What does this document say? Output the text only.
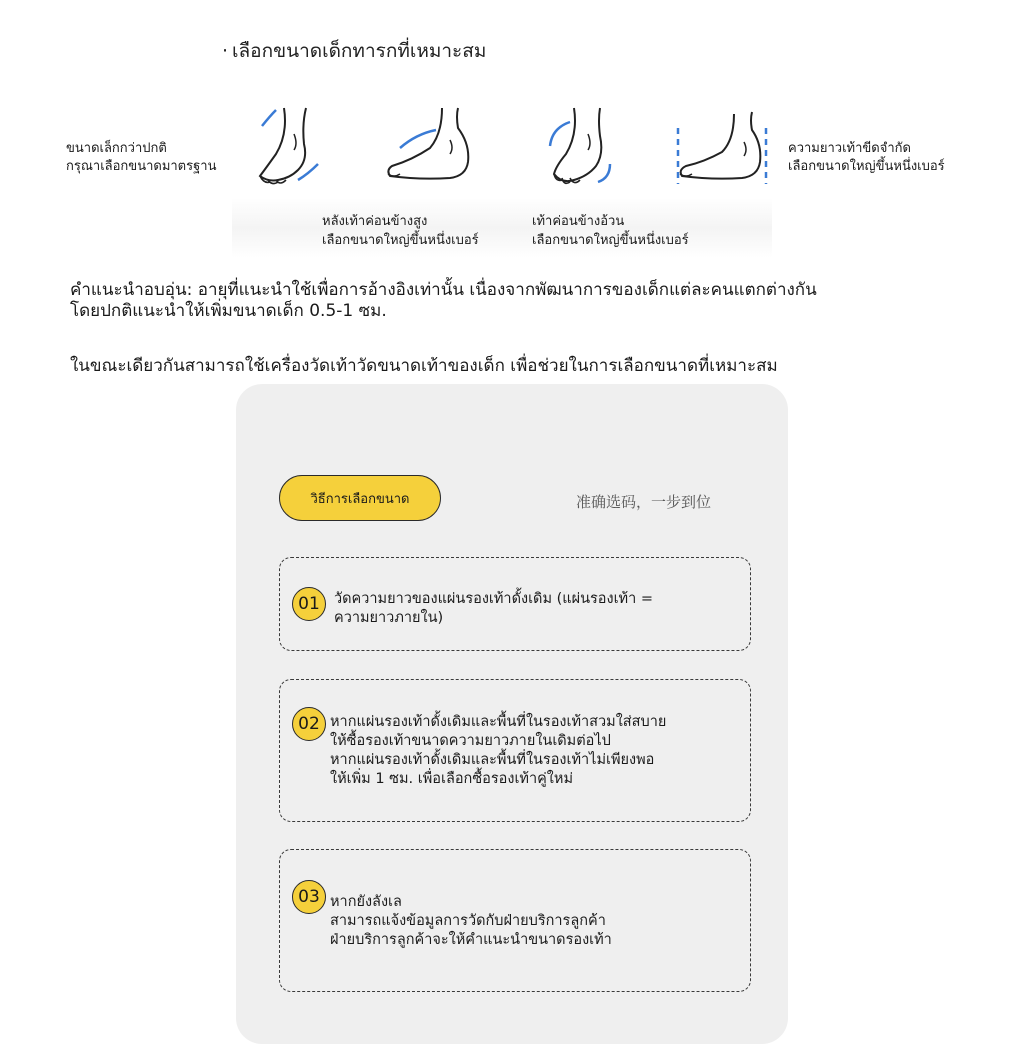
· เลือกขนาดเด็กทารกที่เหมาะสม
ขนาดเล็กกว่าปกติ
กรุณาเลือกขนาดมาตรฐาน
ความยาวเท้าขีดจำกัด
เลือกขนาดใหญ่ขึ้นหนึ่งเบอร์
หลังเท้าค่อนข้างสูง
เลือกขนาดใหญ่ขึ้นหนึ่งเบอร์
เท้าค่อนข้างอ้วน
เลือกขนาดใหญ่ขึ้นหนึ่งเบอร์
คำแนะนำอบอุ่น: อายุที่แนะนำใช้เพื่อการอ้างอิงเท่านั้น เนื่องจากพัฒนาการของเด็กแต่ละคนแตกต่างกัน
โดยปกติแนะนำให้เพิ่มขนาดเด็ก 0.5-1 ซม.
ในขณะเดียวกันสามารถใช้เครื่องวัดเท้าวัดขนาดเท้าของเด็ก เพื่อช่วยในการเลือกขนาดที่เหมาะสม
วิธีการเลือกขนาด	准确选码，一步到位
01 วัดความยาวของแผ่นรองเท้าดั้งเดิม (แผ่นรองเท้า =
ความยาวภายใน)
02 หากแผ่นรองเท้าดั้งเดิมและพื้นที่ในรองเท้าสวมใส่สบาย
ให้ซื้อรองเท้าขนาดความยาวภายในเดิมต่อไป
หากแผ่นรองเท้าดั้งเดิมและพื้นที่ในรองเท้าไม่เพียงพอ
ให้เพิ่ม 1 ซม. เพื่อเลือกซื้อรองเท้าคู่ใหม่
03 หากยังลังเล
สามารถแจ้งข้อมูลการวัดกับฝ่ายบริการลูกค้า
ฝ่ายบริการลูกค้าจะให้คำแนะนำขนาดรองเท้า
